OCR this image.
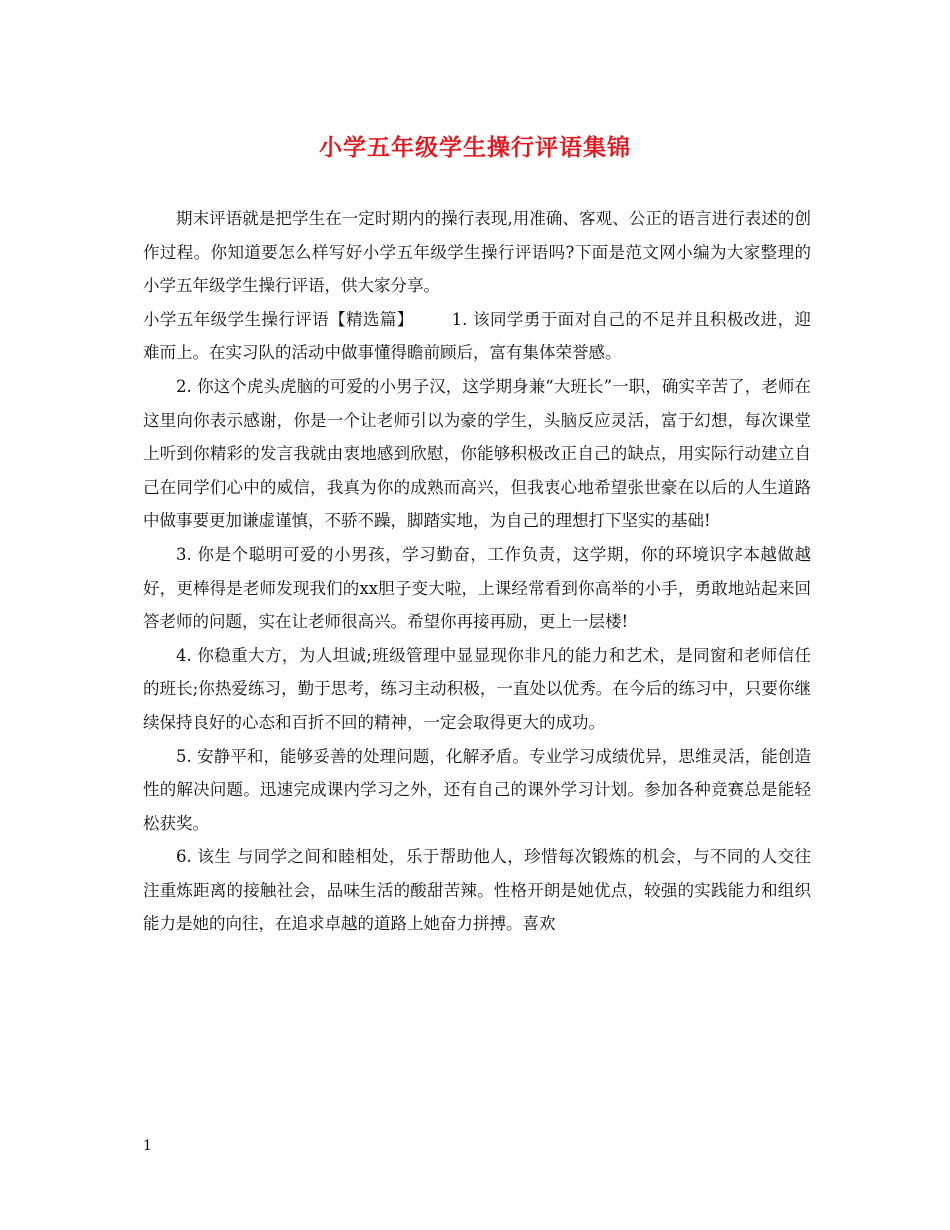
小学五年级学生操行评语集锦

期末评语就是把学生在一定时期内的操行表现,用准确、客观、公正的语言进行表述的创作过程。你知道要怎么样写好小学五年级学生操行评语吗?下面是范文网小编为大家整理的小学五年级学生操行评语，供大家分享。

小学五年级学生操行评语【精选篇】 1. 该同学勇于面对自己的不足并且积极改进，迎难而上。在实习队的活动中做事懂得瞻前顾后，富有集体荣誉感。

2. 你这个虎头虎脑的可爱的小男子汉，这学期身兼“大班长”一职，确实辛苦了，老师在这里向你表示感谢，你是一个让老师引以为豪的学生，头脑反应灵活，富于幻想，每次课堂上听到你精彩的发言我就由衷地感到欣慰，你能够积极改正自己的缺点，用实际行动建立自己在同学们心中的威信，我真为你的成熟而高兴，但我衷心地希望张世豪在以后的人生道路中做事要更加谦虚谨慎，不骄不躁，脚踏实地，为自己的理想打下坚实的基础!

3. 你是个聪明可爱的小男孩，学习勤奋，工作负责，这学期，你的环境识字本越做越好，更棒得是老师发现我们的xx胆子变大啦，上课经常看到你高举的小手，勇敢地站起来回答老师的问题，实在让老师很高兴。希望你再接再励，更上一层楼!

4. 你稳重大方，为人坦诚;班级管理中显显现你非凡的能力和艺术，是同窗和老师信任的班长;你热爱练习，勤于思考，练习主动积极，一直处以优秀。在今后的练习中，只要你继续保持良好的心态和百折不回的精神，一定会取得更大的成功。

5. 安静平和，能够妥善的处理问题，化解矛盾。专业学习成绩优异，思维灵活，能创造性的解决问题。迅速完成课内学习之外，还有自己的课外学习计划。参加各种竞赛总是能轻松获奖。

6. 该生 与同学之间和睦相处，乐于帮助他人，珍惜每次锻炼的机会，与不同的人交往注重炼距离的接触社会，品味生活的酸甜苦辣。性格开朗是她优点，较强的实践能力和组织能力是她的向往，在追求卓越的道路上她奋力拼搏。喜欢

1
